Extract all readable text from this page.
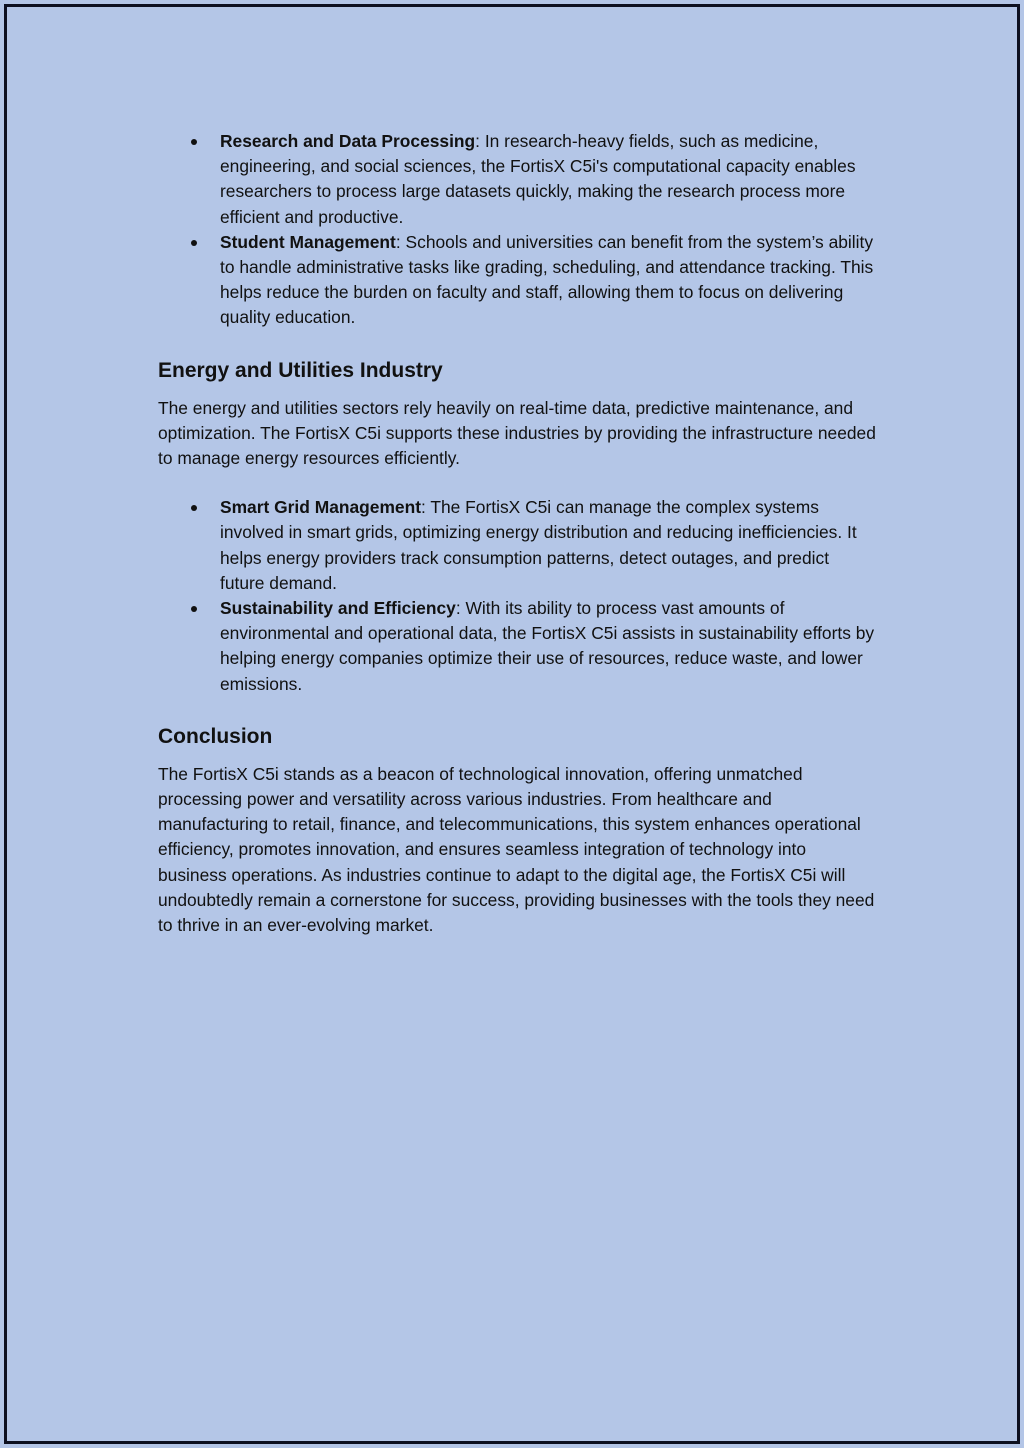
Research and Data Processing: In research-heavy fields, such as medicine, engineering, and social sciences, the FortisX C5i's computational capacity enables researchers to process large datasets quickly, making the research process more efficient and productive.
Student Management: Schools and universities can benefit from the system’s ability to handle administrative tasks like grading, scheduling, and attendance tracking. This helps reduce the burden on faculty and staff, allowing them to focus on delivering quality education.
Energy and Utilities Industry

The energy and utilities sectors rely heavily on real-time data, predictive maintenance, and optimization. The FortisX C5i supports these industries by providing the infrastructure needed to manage energy resources efficiently.

Smart Grid Management: The FortisX C5i can manage the complex systems involved in smart grids, optimizing energy distribution and reducing inefficiencies. It helps energy providers track consumption patterns, detect outages, and predict future demand.
Sustainability and Efficiency: With its ability to process vast amounts of environmental and operational data, the FortisX C5i assists in sustainability efforts by helping energy companies optimize their use of resources, reduce waste, and lower emissions.
Conclusion

The FortisX C5i stands as a beacon of technological innovation, offering unmatched processing power and versatility across various industries. From healthcare and manufacturing to retail, finance, and telecommunications, this system enhances operational efficiency, promotes innovation, and ensures seamless integration of technology into business operations. As industries continue to adapt to the digital age, the FortisX C5i will undoubtedly remain a cornerstone for success, providing businesses with the tools they need to thrive in an ever-evolving market.
